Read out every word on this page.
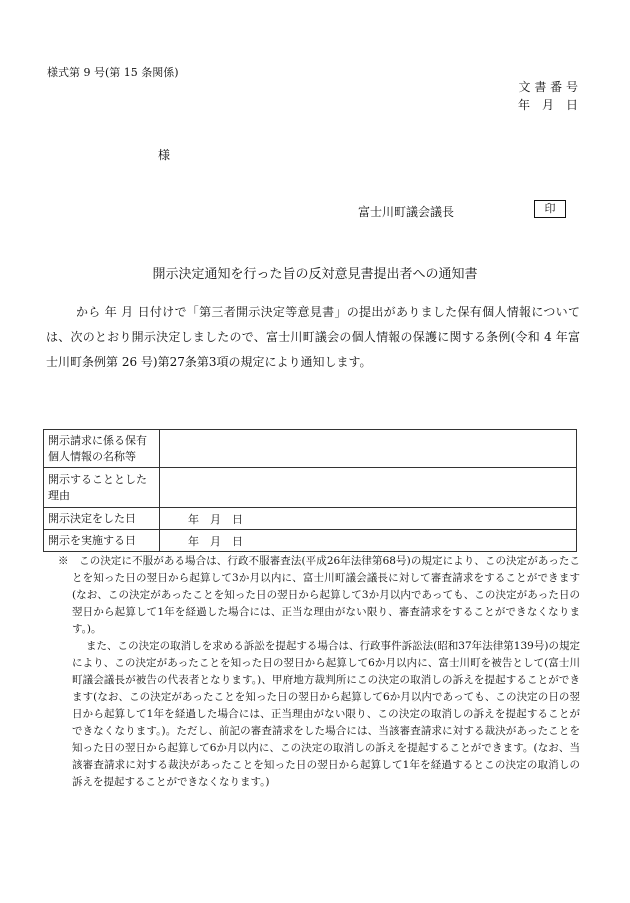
様式第 9 号(第 15 条関係)
文 書 番 号
年　月　日
様
富士川町議会議長	印
開示決定通知を行った旨の反対意見書提出者への通知書
から 年 月 日付けで「第三者開示決定等意見書」の提出がありました保有個人情報については、次のとおり開示決定しましたので、富士川町議会の個人情報の保護に関する条例(令和 4 年富士川町条例第 26 号)第27条第3項の規定により通知します。
開示請求に係る保有個人情報の名称等	
開示することとした理由	
開示決定をした日	年　月　日
開示を実施する日	年　月　日

※　この決定に不服がある場合は、行政不服審査法(平成26年法律第68号)の規定により、この決定があったことを知った日の翌日から起算して3か月以内に、富士川町議会議長に対して審査請求をすることができます(なお、この決定があったことを知った日の翌日から起算して3か月以内であっても、この決定があった日の翌日から起算して1年を経過した場合には、正当な理由がない限り、審査請求をすることができなくなります。)。

また、この決定の取消しを求める訴訟を提起する場合は、行政事件訴訟法(昭和37年法律第139号)の規定により、この決定があったことを知った日の翌日から起算して6か月以内に、富士川町を被告として(富士川町議会議長が被告の代表者となります。)、甲府地方裁判所にこの決定の取消しの訴えを提起することができます(なお、この決定があったことを知った日の翌日から起算して6か月以内であっても、この決定の日の翌日から起算して1年を経過した場合には、正当理由がない限り、この決定の取消しの訴えを提起することができなくなります。)。ただし、前記の審査請求をした場合には、当該審査請求に対する裁決があったことを知った日の翌日から起算して6か月以内に、この決定の取消しの訴えを提起することができます。(なお、当該審査請求に対する裁決があったことを知った日の翌日から起算して1年を経過するとこの決定の取消しの訴えを提起することができなくなります。)
